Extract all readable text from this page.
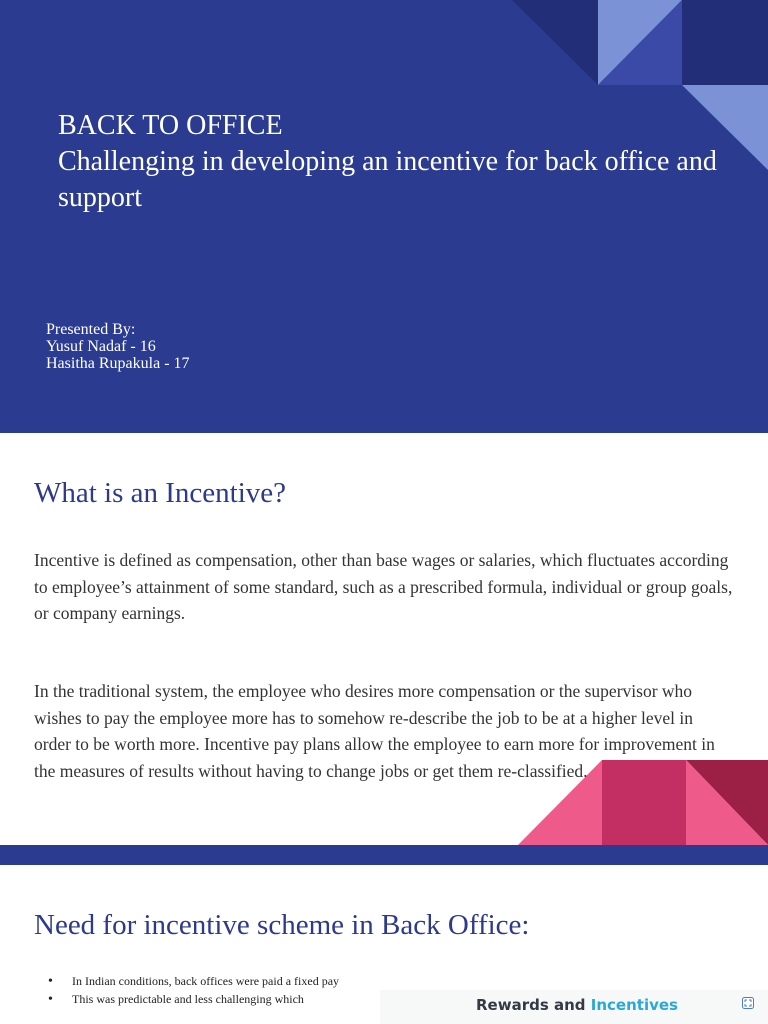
BACK TO OFFICE
Challenging in developing an incentive for back office and support
Presented By:
Yusuf Nadaf - 16
Hasitha Rupakula - 17
What is an Incentive?

Incentive is defined as compensation, other than base wages or salaries, which fluctuates according to employee’s attainment of some standard, such as a prescribed formula, individual or group goals, or company earnings.

In the traditional system, the employee who desires more compensation or the supervisor who wishes to pay the employee more has to somehow re-describe the job to be at a higher level in order to be worth more. Incentive pay plans allow the employee to earn more for improvement in the measures of results without having to change jobs or get them re-classified.

Need for incentive scheme in Back Office:
• In Indian conditions, back offices were paid a fixed pay
• This was predictable and less challenging which	Rewards and Incentives
